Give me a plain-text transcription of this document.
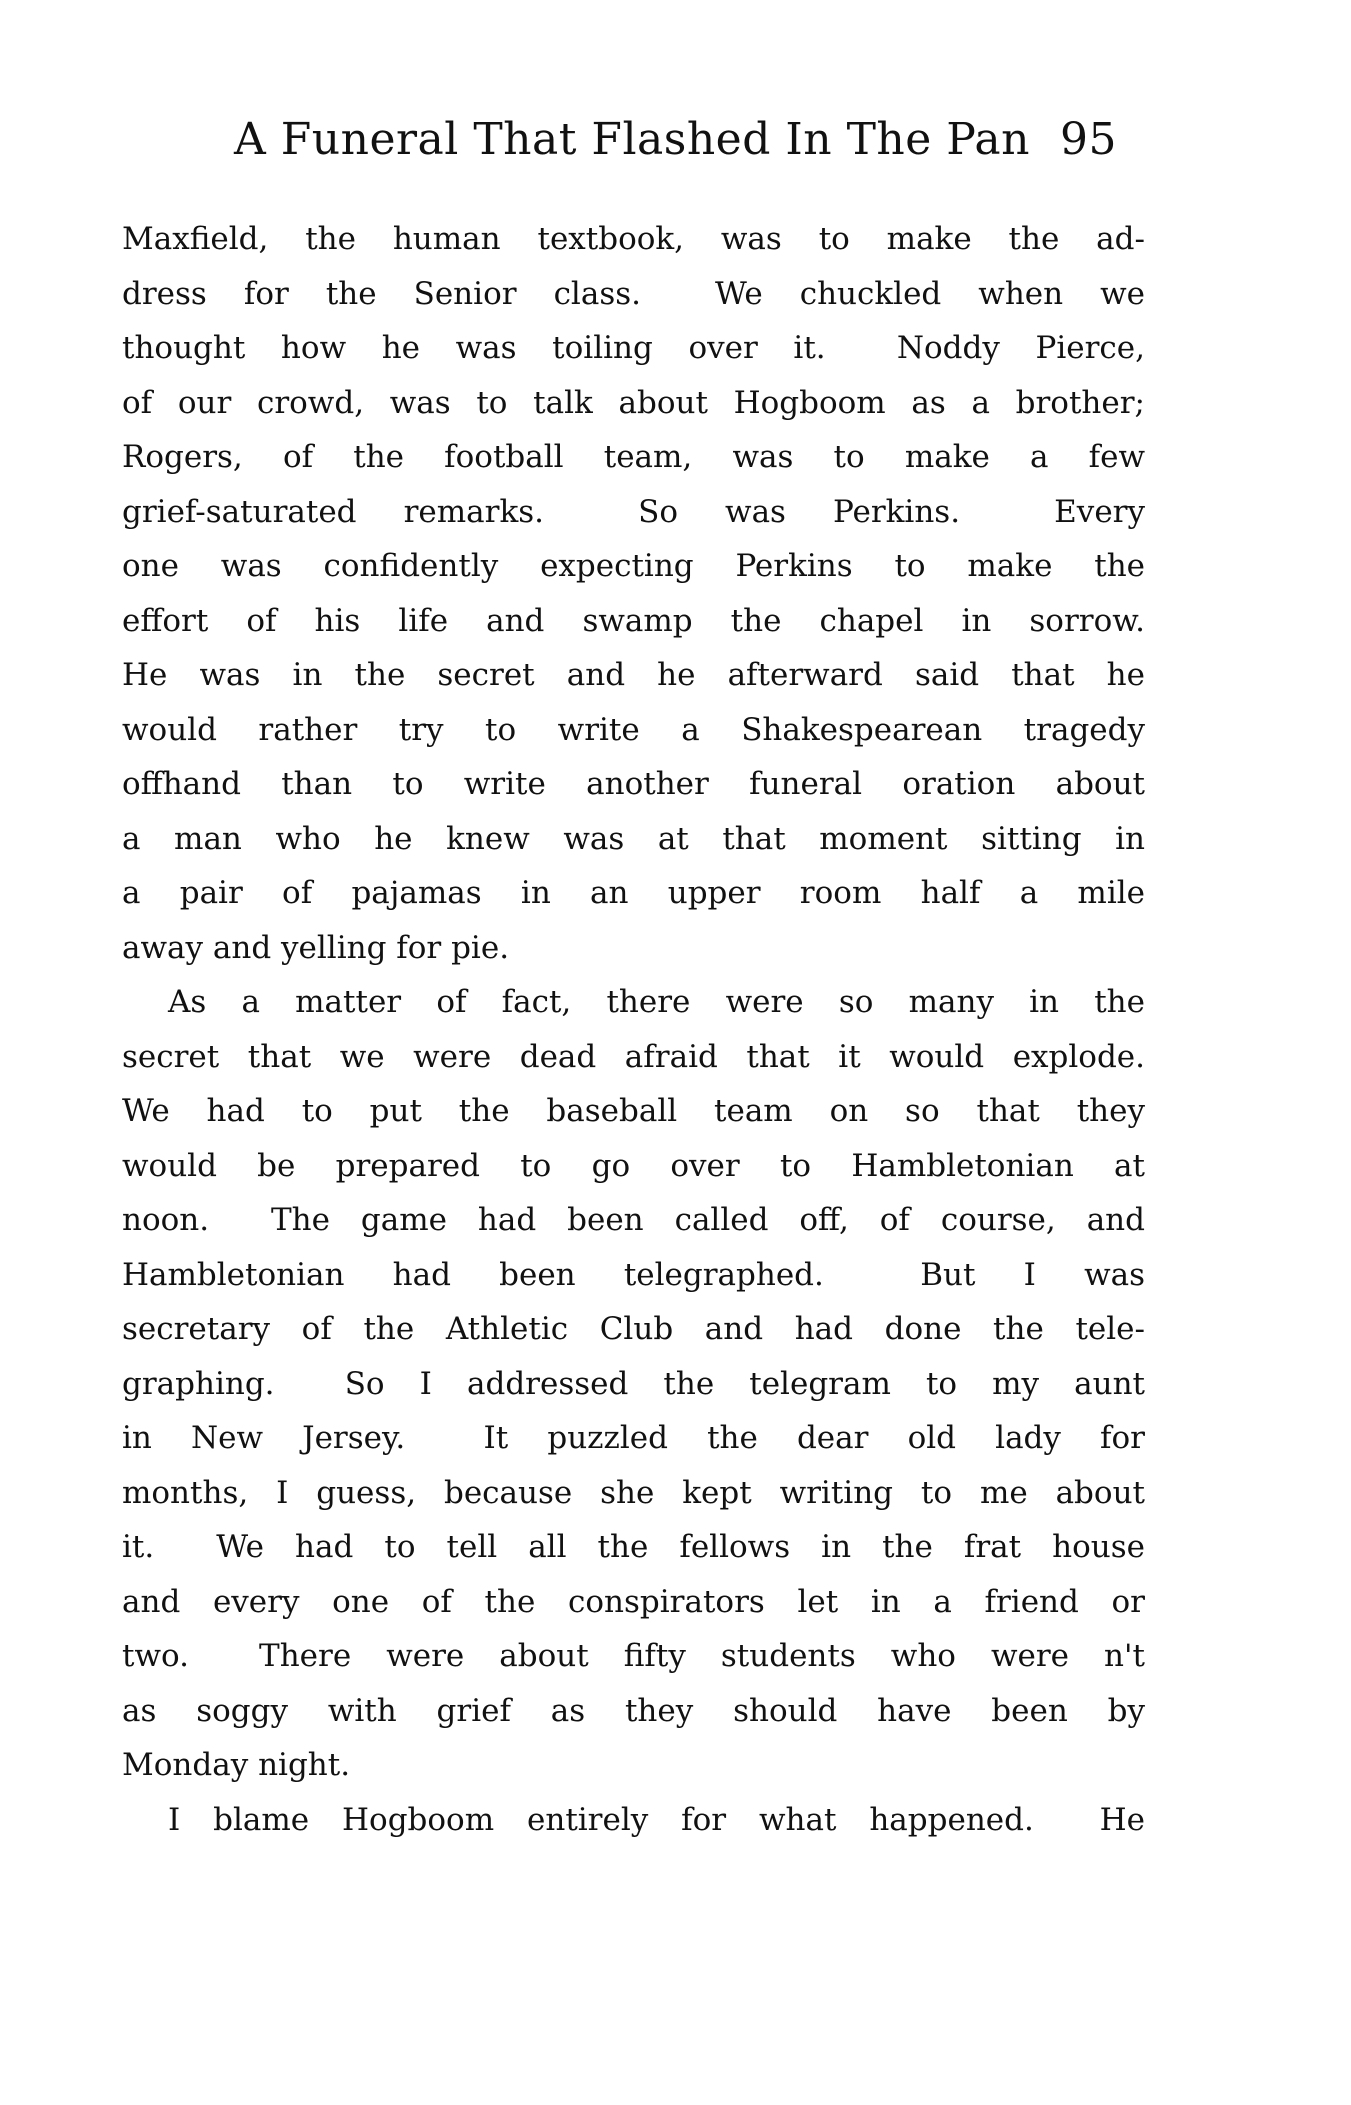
A Funeral That Flashed In The Pan 95
Maxfield, the human textbook, was to make the ad-
dress for the Senior class.  We chuckled when we
thought how he was toiling over it.  Noddy Pierce,
of our crowd, was to talk about Hogboom as a brother;
Rogers, of the football team, was to make a few
grief-saturated remarks.  So was Perkins.  Every
one was confidently expecting Perkins to make the
effort of his life and swamp the chapel in sorrow.
He was in the secret and he afterward said that he
would rather try to write a Shakespearean tragedy
offhand than to write another funeral oration about
a man who he knew was at that moment sitting in
a pair of pajamas in an upper room half a mile
away and yelling for pie.
As a matter of fact, there were so many in the
secret that we were dead afraid that it would explode.
We had to put the baseball team on so that they
would be prepared to go over to Hambletonian at
noon.  The game had been called off, of course, and
Hambletonian had been telegraphed.  But I was
secretary of the Athletic Club and had done the tele-
graphing.  So I addressed the telegram to my aunt
in New Jersey.  It puzzled the dear old lady for
months, I guess, because she kept writing to me about
it.  We had to tell all the fellows in the frat house
and every one of the conspirators let in a friend or
two.  There were about fifty students who were n't
as soggy with grief as they should have been by
Monday night.
I blame Hogboom entirely for what happened.  He
